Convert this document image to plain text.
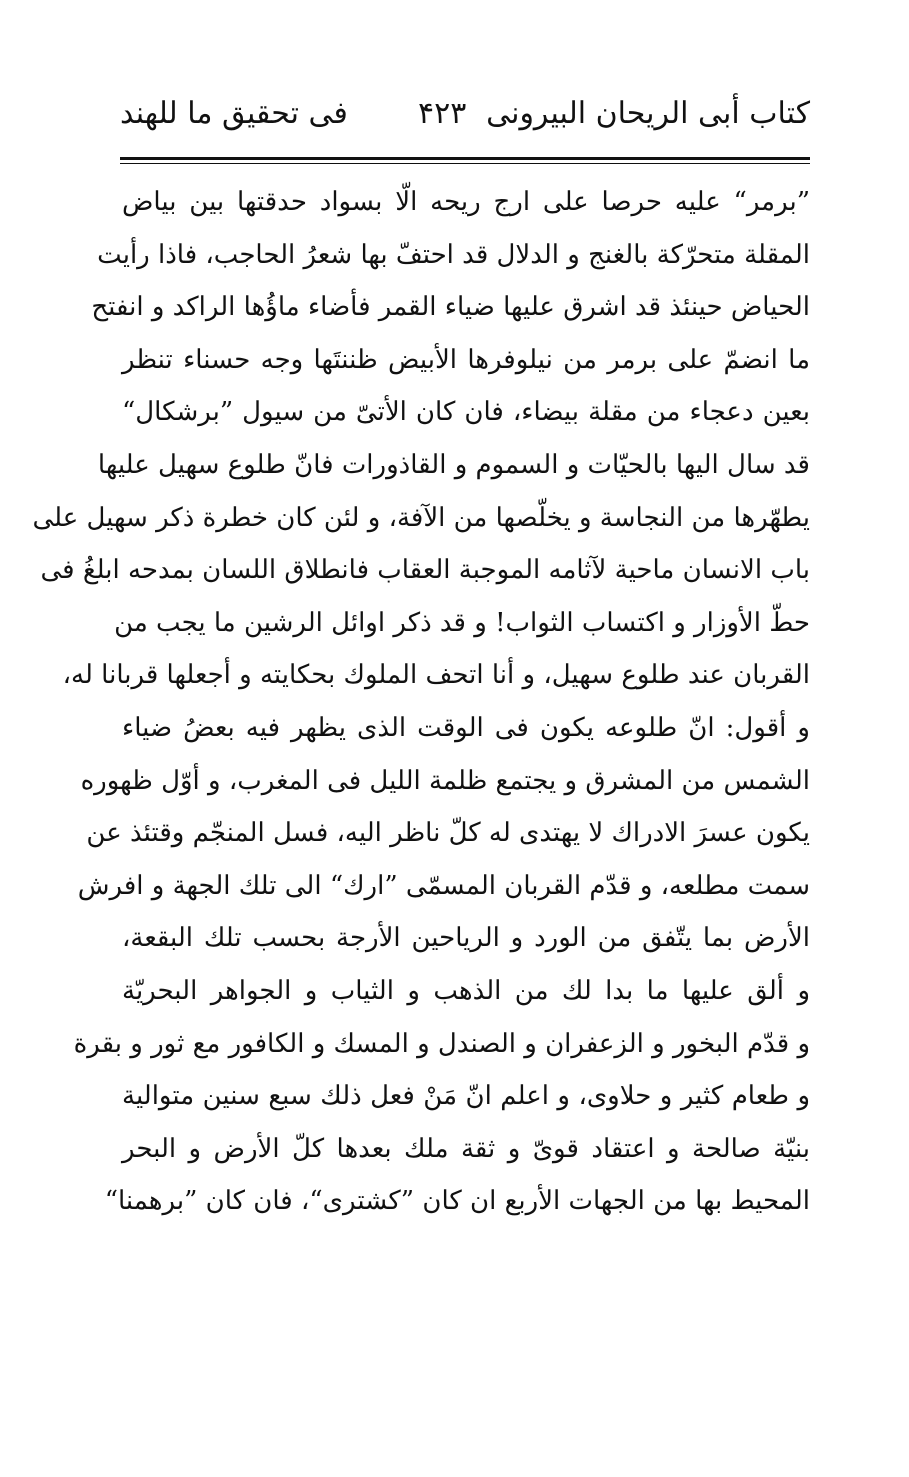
فى تحقيق ما للهند ۴۲۳ كتاب أبى الريحان البيرونى
”برمر“ عليه حرصا على ارج ريحه الّا بسواد حدقتها بين بياض
المقلة متحرّكة بالغنج و الدلال قد احتفّ بها شعرُ الحاجب، فاذا رأيت
الحياض حينئذ قد اشرق عليها ضياء القمر فأضاء ماؤُها الراكد و انفتح
ما انضمّ على برمر من نيلوفرها الأبيض ظننتَها وجه حسناء تنظر
بعين دعجاء من مقلة بيضاء، فان كان الأتىّ من سيول ”برشكال“
قد سال اليها بالحيّات و السموم و القاذورات فانّ طلوع سهيل عليها
يطهّرها من النجاسة و يخلّصها من الآفة، و لئن كان خطرة ذكر سهيل على
باب الانسان ماحية لآثامه الموجبة العقاب فانطلاق اللسان بمدحه ابلغُ فى
حطّ الأوزار و اكتساب الثواب! و قد ذكر اوائل الرشين ما يجب من
القربان عند طلوع سهيل، و أنا اتحف الملوك بحكايته و أجعلها قربانا له،
و أقول: انّ طلوعه يكون فى الوقت الذى يظهر فيه بعضُ ضياء
الشمس من المشرق و يجتمع ظلمة الليل فى المغرب، و أوّل ظهوره
يكون عسرَ الادراك لا يهتدى له كلّ ناظر اليه، فسل المنجّم وقتئذ عن
سمت مطلعه، و قدّم القربان المسمّى ”ارك“ الى تلك الجهة و افرش
الأرض بما يتّفق من الورد و الرياحين الأرجة بحسب تلك البقعة،
و ألق عليها ما بدا لك من الذهب و الثياب و الجواهر البحريّة
و قدّم البخور و الزعفران و الصندل و المسك و الكافور مع ثور و بقرة
و طعام كثير و حلاوى، و اعلم انّ مَنْ فعل ذلك سبع سنين متوالية
بنيّة صالحة و اعتقاد قوىّ و ثقة ملك بعدها كلّ الأرض و البحر
المحيط بها من الجهات الأربع ان كان ”كشترى“، فان كان ”برهمنا“
